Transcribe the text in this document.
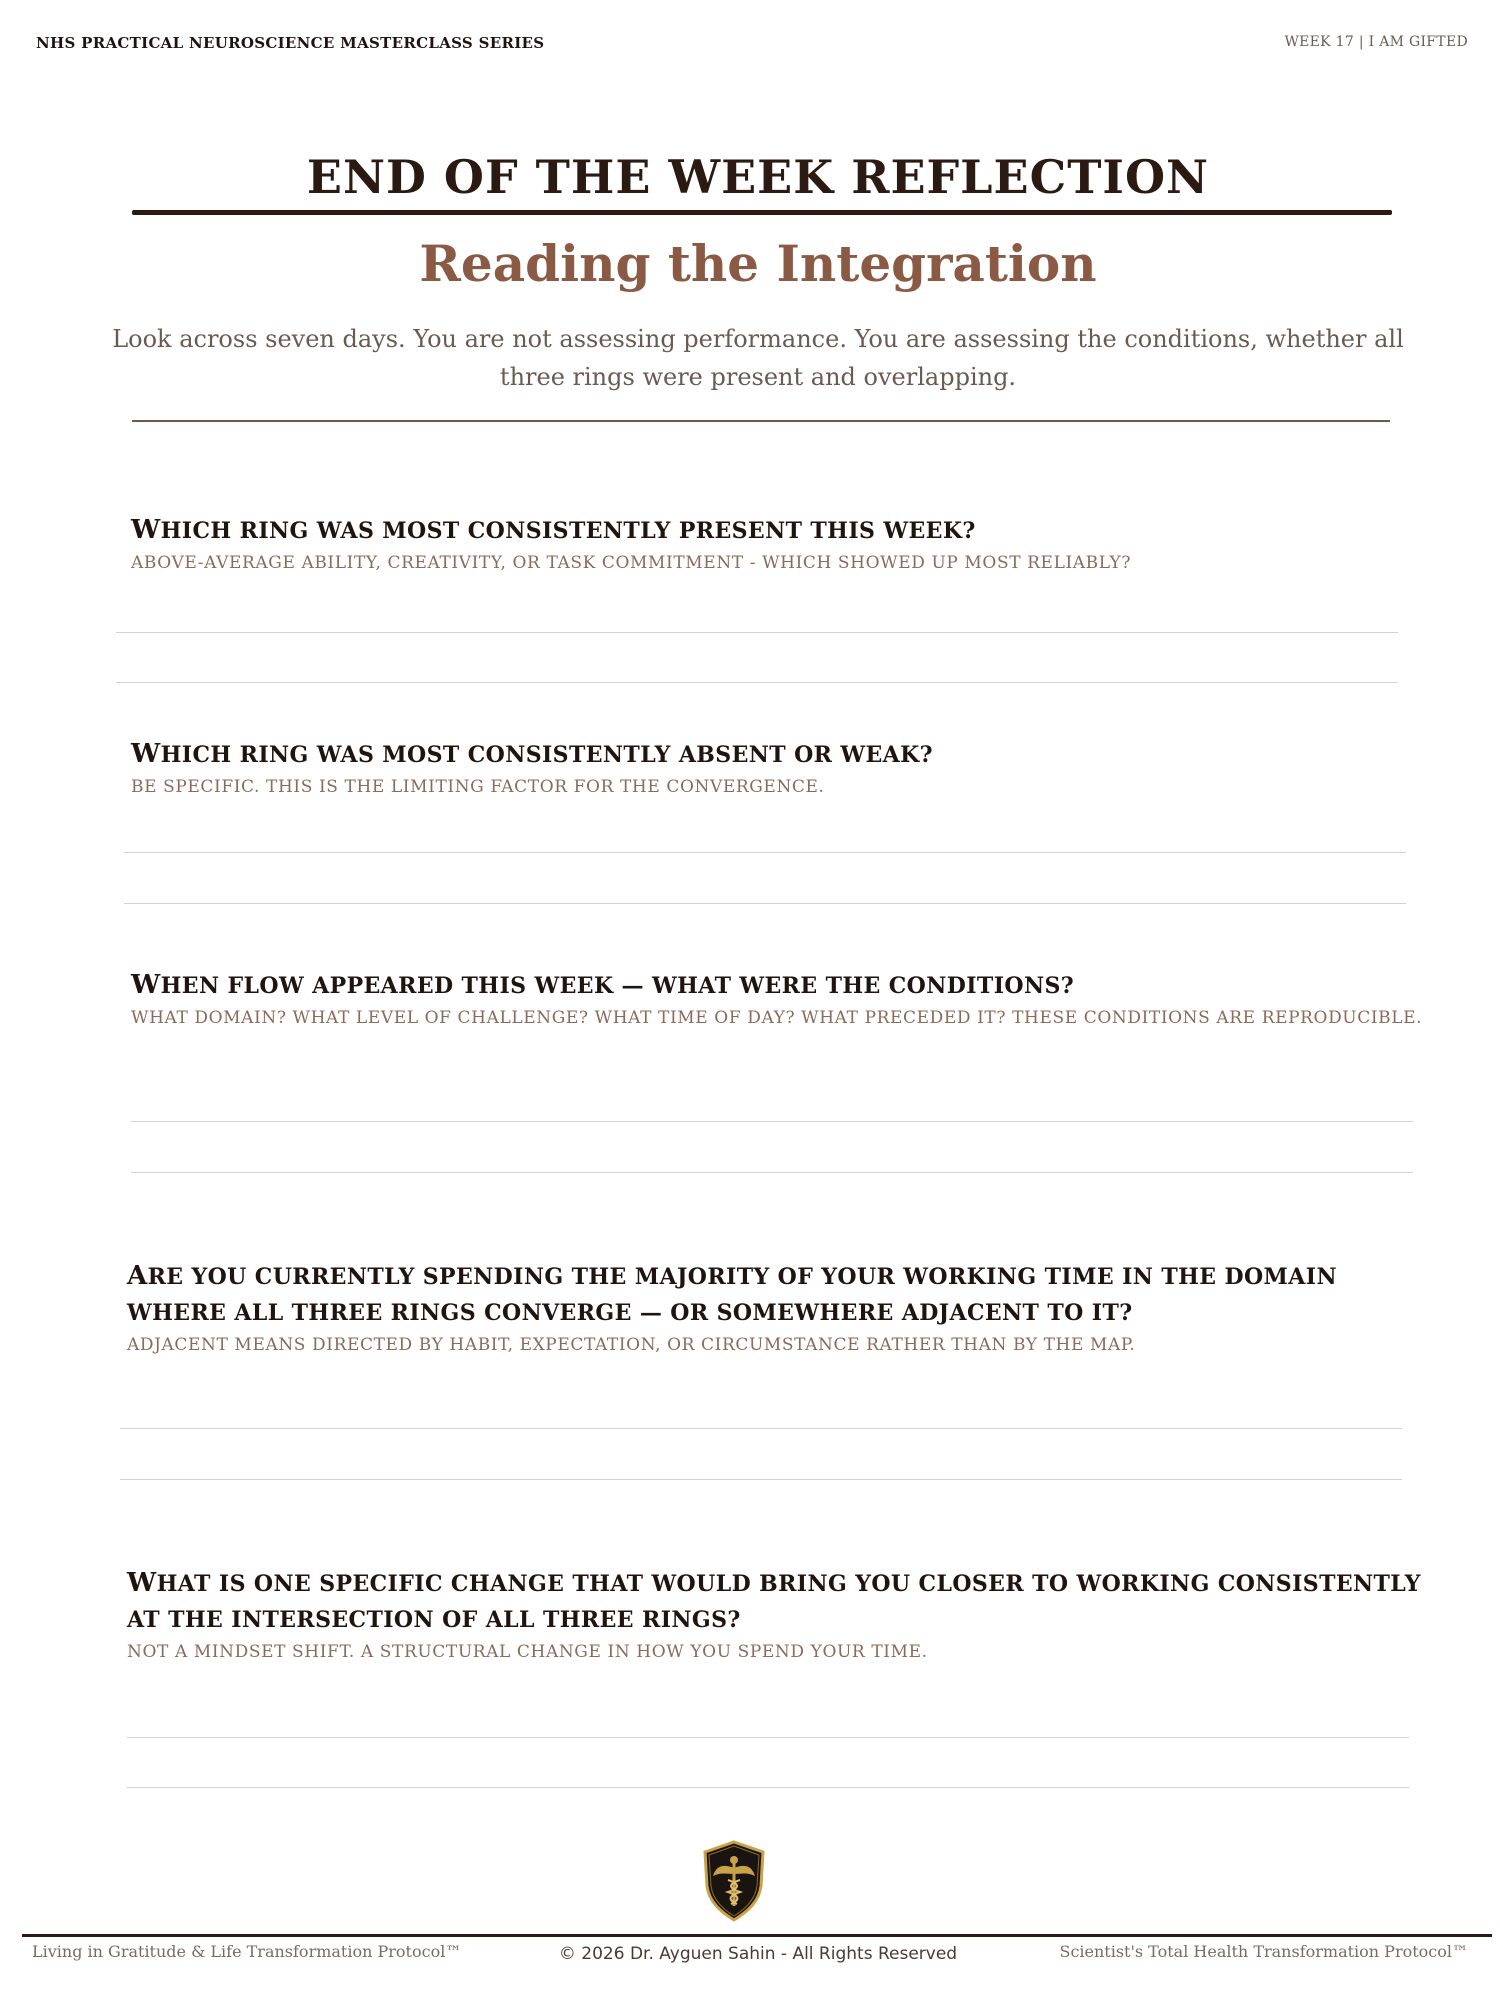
NHS PRACTICAL NEUROSCIENCE MASTERCLASS SERIES	WEEK 17 | I AM GIFTED
END OF THE WEEK REFLECTION
Reading the Integration
Look across seven days. You are not assessing performance. You are assessing the conditions, whether all three rings were present and overlapping.
WHICH RING WAS MOST CONSISTENTLY PRESENT THIS WEEK?
ABOVE-AVERAGE ABILITY, CREATIVITY, OR TASK COMMITMENT - WHICH SHOWED UP MOST RELIABLY?
WHICH RING WAS MOST CONSISTENTLY ABSENT OR WEAK?
BE SPECIFIC. THIS IS THE LIMITING FACTOR FOR THE CONVERGENCE.
WHEN FLOW APPEARED THIS WEEK — WHAT WERE THE CONDITIONS?
WHAT DOMAIN? WHAT LEVEL OF CHALLENGE? WHAT TIME OF DAY? WHAT PRECEDED IT? THESE CONDITIONS ARE REPRODUCIBLE.
ARE YOU CURRENTLY SPENDING THE MAJORITY OF YOUR WORKING TIME IN THE DOMAIN WHERE ALL THREE RINGS CONVERGE — OR SOMEWHERE ADJACENT TO IT?
ADJACENT MEANS DIRECTED BY HABIT, EXPECTATION, OR CIRCUMSTANCE RATHER THAN BY THE MAP.
WHAT IS ONE SPECIFIC CHANGE THAT WOULD BRING YOU CLOSER TO WORKING CONSISTENTLY AT THE INTERSECTION OF ALL THREE RINGS?
NOT A MINDSET SHIFT. A STRUCTURAL CHANGE IN HOW YOU SPEND YOUR TIME.
Living in Gratitude & Life Transformation Protocol™	© 2026 Dr. Ayguen Sahin - All Rights Reserved	Scientist's Total Health Transformation Protocol™
